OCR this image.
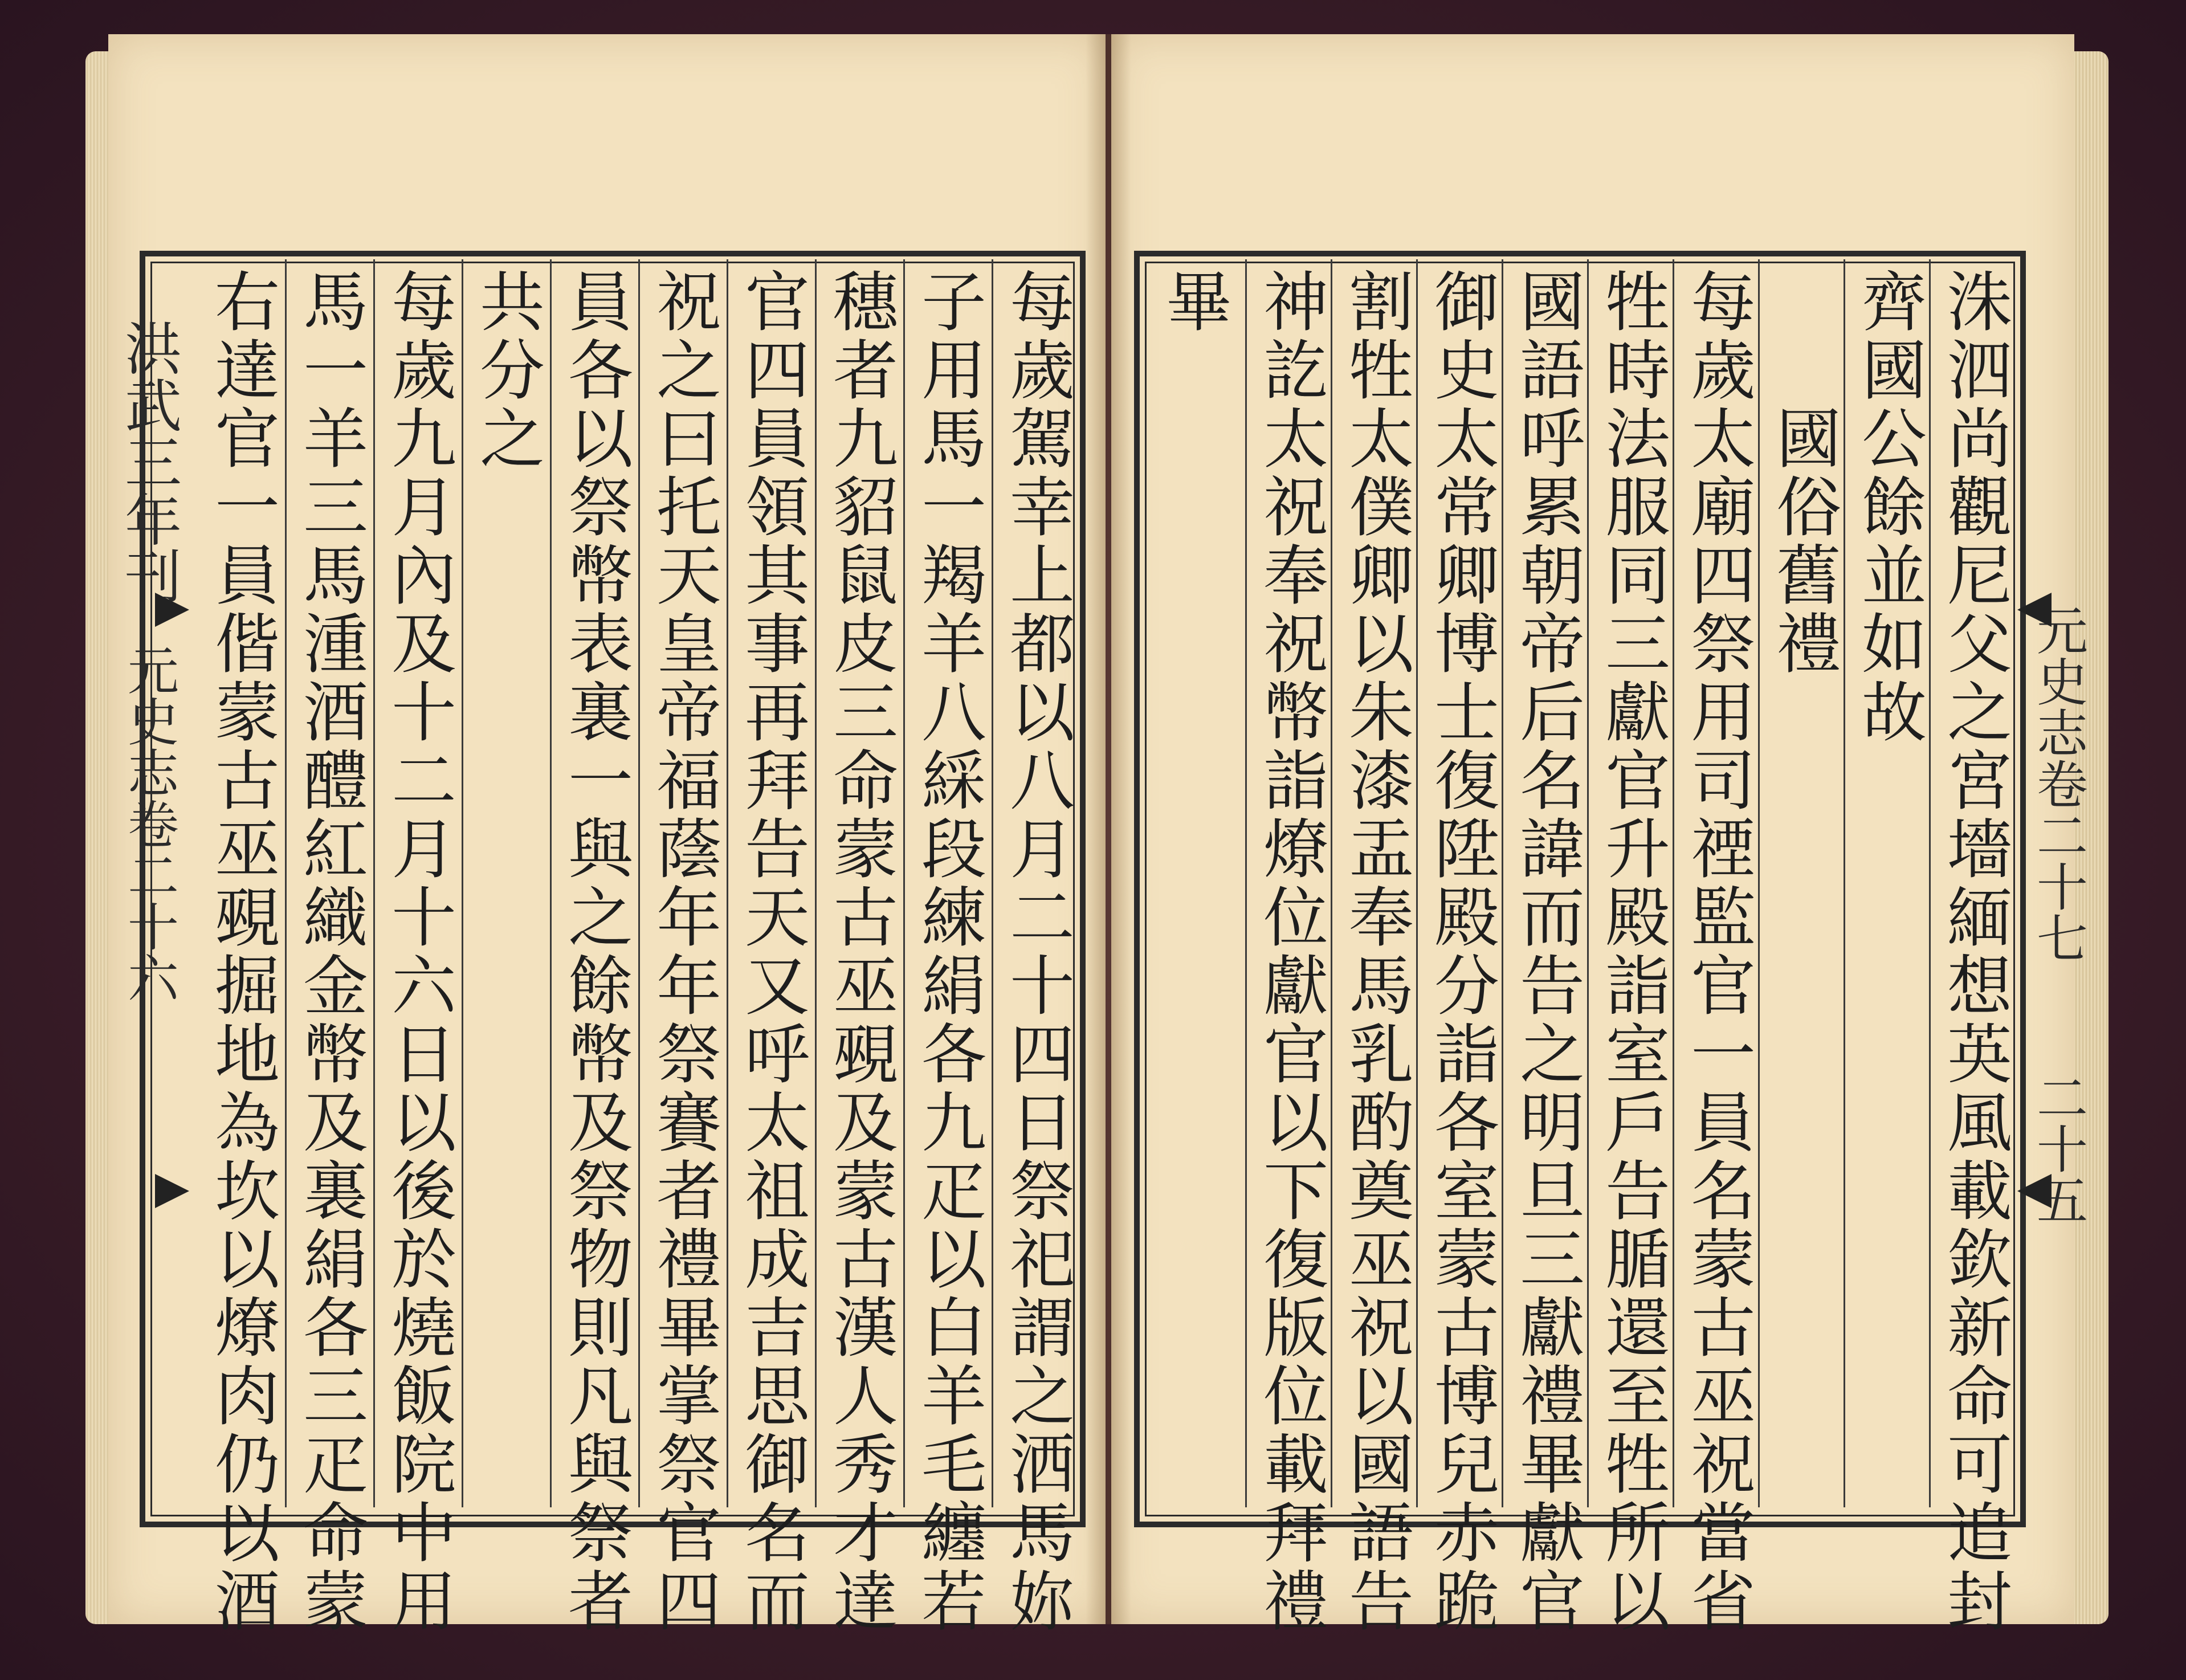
洪武三年刊
元史志卷二十六	元史志卷二十七
二十五
每歲駕幸上都以八月二十四日祭祀謂之洒馬妳
子用馬一羯羊八綵段練絹各九疋以白羊毛纏若
穗者九貂鼠皮三命蒙古巫覡及蒙古漢人秀才達
官四員領其事再拜告天又呼太祖成吉思御名而
祝之曰托天皇帝福蔭年年祭賽者禮畢掌祭官四
員各以祭幣表裏一與之餘幣及祭物則凡與祭者
共分之
每歲九月內及十二月十六日以後於燒飯院中用
馬一羊三馬湩酒醴紅織金幣及裏絹各三疋命蒙
右達官一員偕蒙古巫覡掘地為坎以燎肉仍以酒	洙泗尚觀尼父之宮墻緬想英風載欽新命可追封
齊國公餘並如故
國俗舊禮
每歲太廟四祭用司禋監官一員名蒙古巫祝當省
牲時法服同三獻官升殿詣室戶告腯還至牲所以
國語呼累朝帝后名諱而告之明旦三獻禮畢獻官
御史太常卿博士復陞殿分詣各室蒙古博兒赤跪
割牲太僕卿以朱漆盂奉馬乳酌奠巫祝以國語告
神訖太祝奉祝幣詣燎位獻官以下復版位載拜禮
畢
